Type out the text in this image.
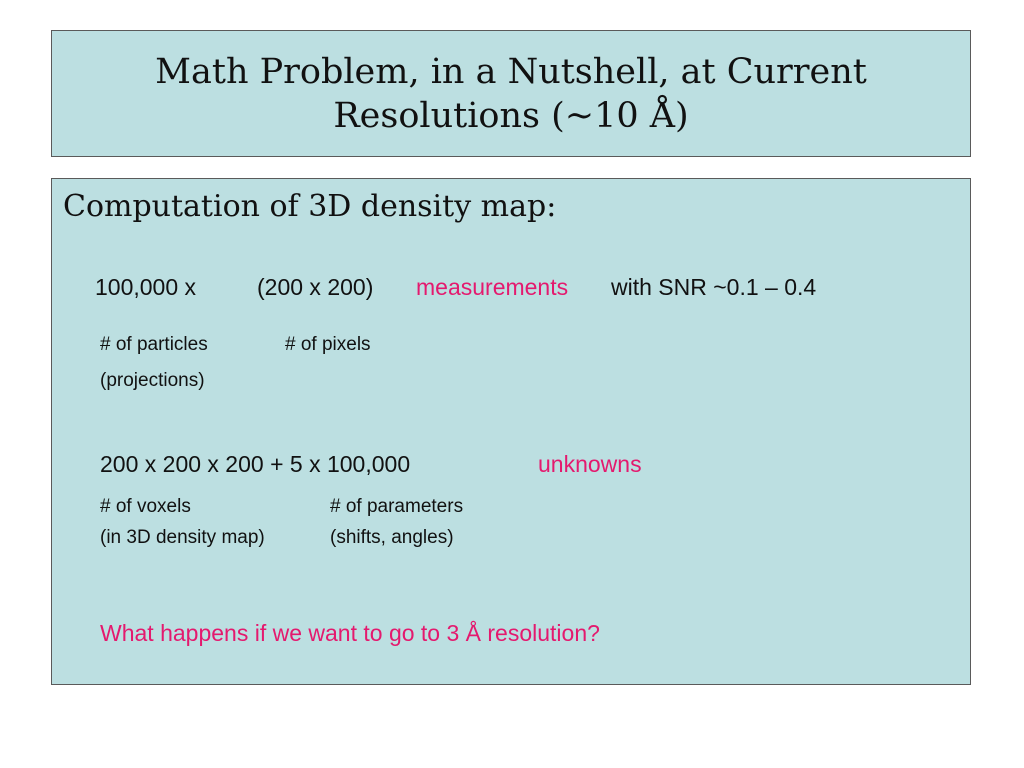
Math Problem, in a Nutshell, at Current
Resolutions (~10 Å)
Computation of 3D density map:
100,000 x	(200 x 200) measurements with SNR ~0.1 – 0.4
# of particles	# of pixels
(projections)
200 x 200 x 200 + 5 x 100,000	unknowns
# of voxels	# of parameters
(in 3D density map)	(shifts, angles)
What happens if we want to go to 3 Å resolution?
